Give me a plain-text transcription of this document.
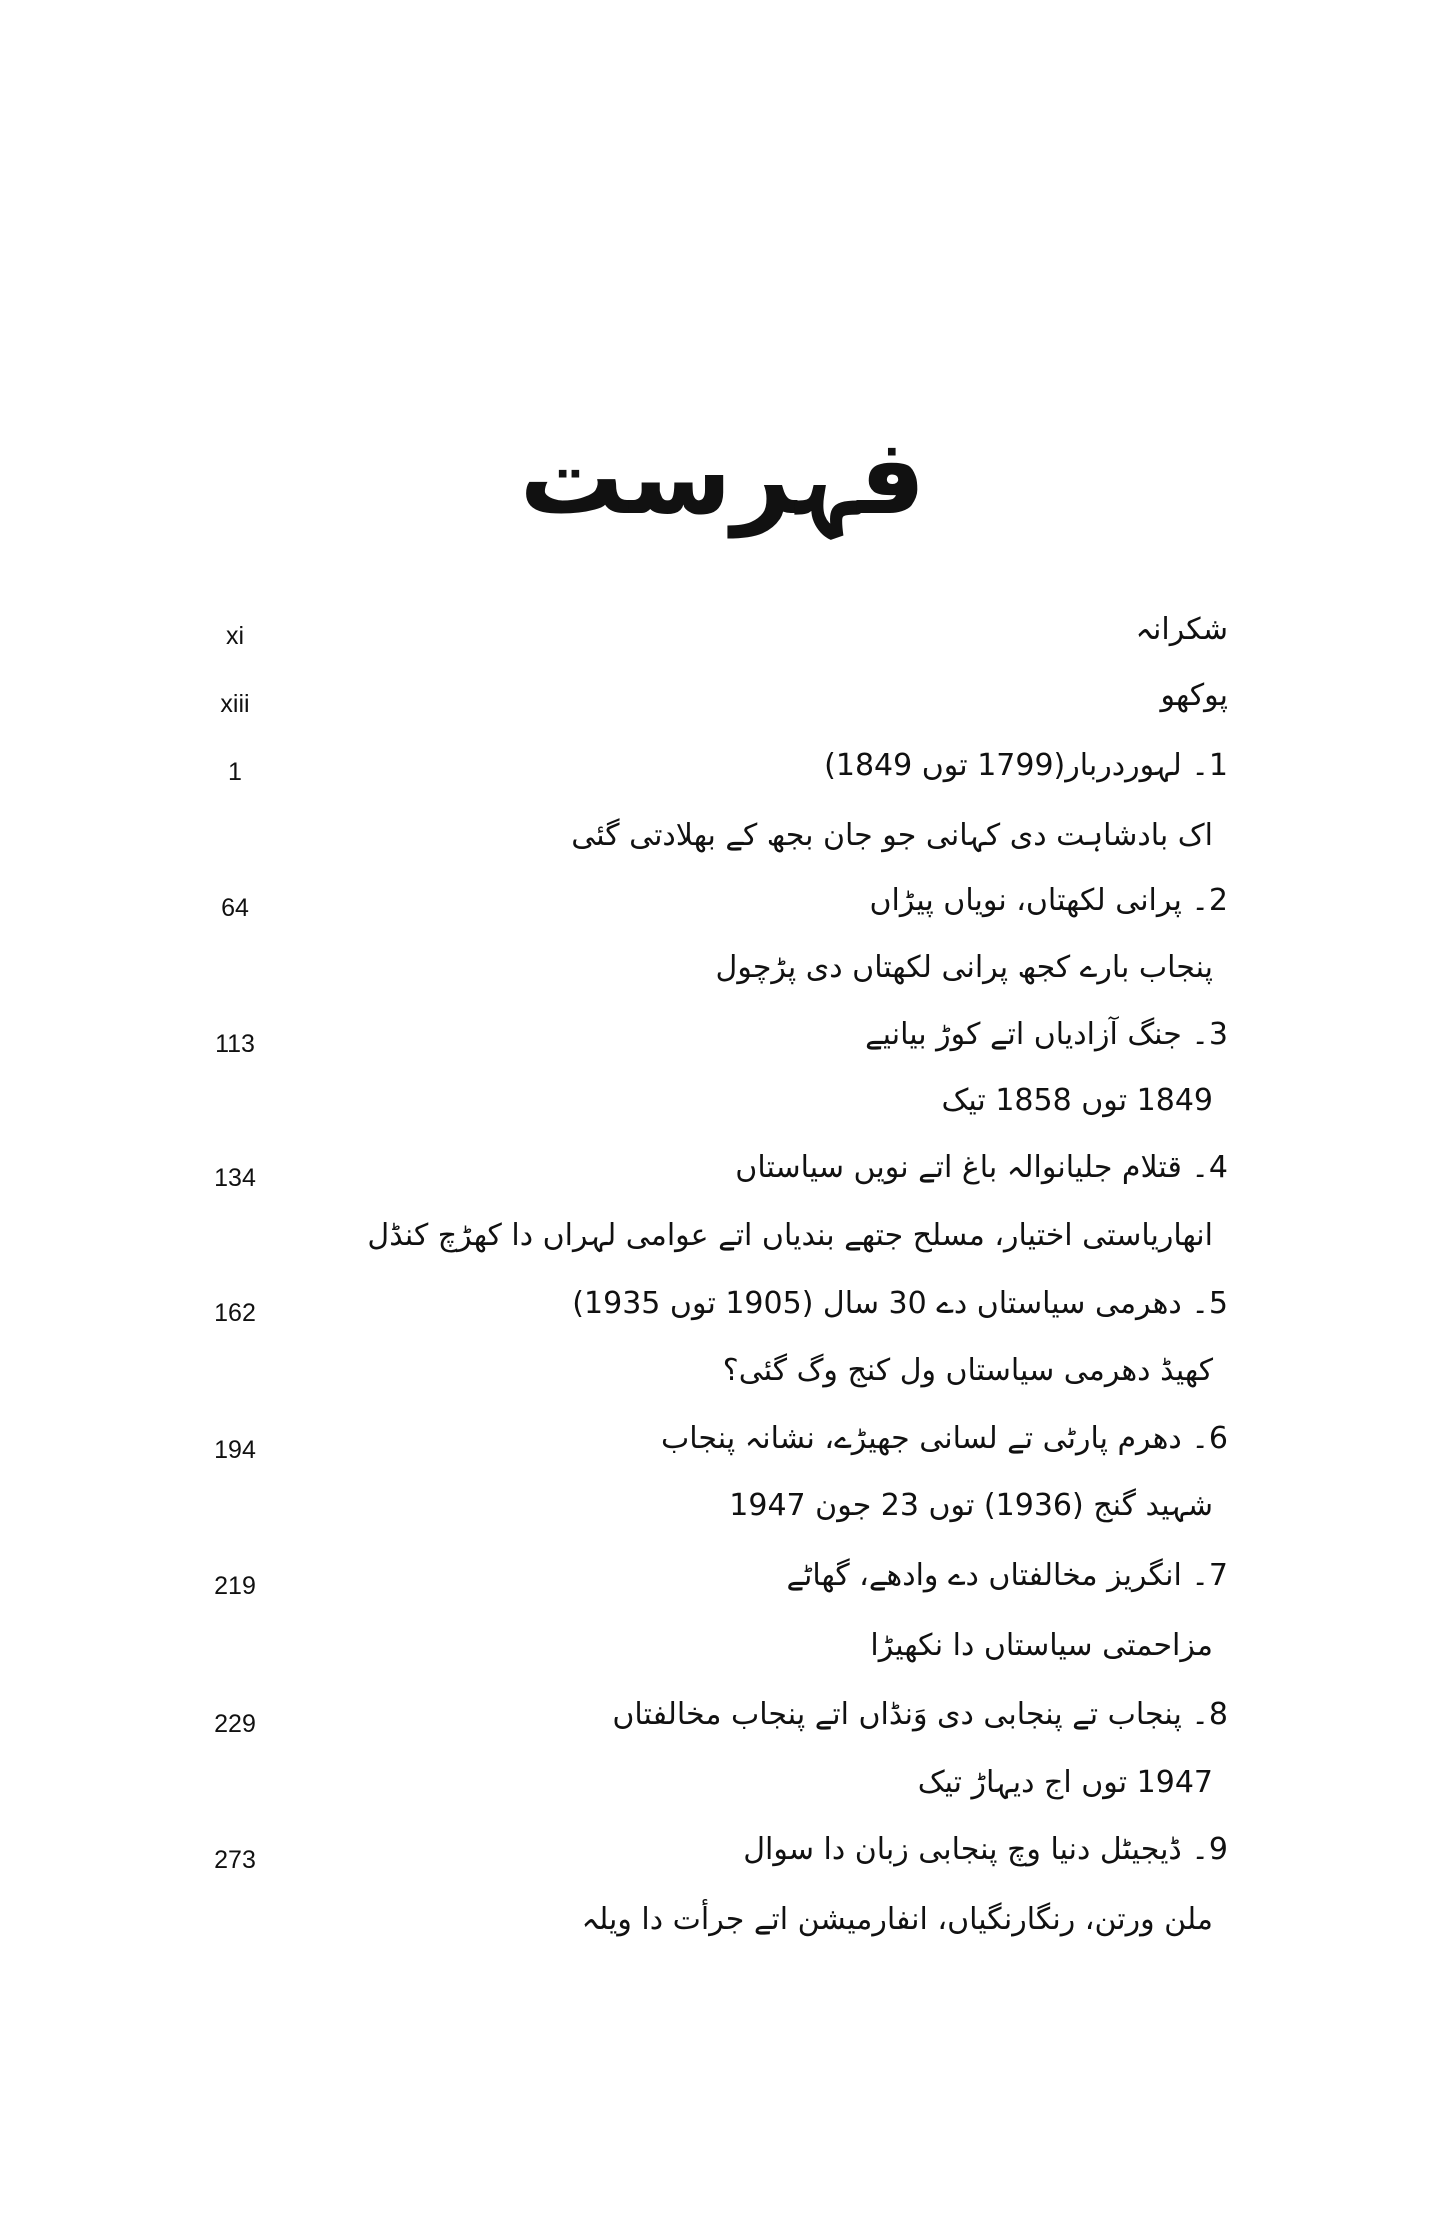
فہرست
شکرانہ
پوکھو
1۔ لہوردربار(1799 توں 1849)
اک بادشاہت دی کہانی جو جان بجھ کے بھلادتی گئی
2۔ پرانی لکھتاں، نویاں پیڑاں
پنجاب بارے کجھ پرانی لکھتاں دی پڑچول
3۔ جنگ آزادیاں اتے کوڑ بیانیے
1849 توں 1858 تیک
4۔ قتلام جلیانوالہ باغ اتے نویں سیاستاں
انھاریاستی اختیار، مسلح جتھے بندیاں اتے عوامی لہراں دا کھڑچ کنڈل
5۔ دھرمی سیاستاں دے 30 سال (1905 توں 1935)
کھیڈ دھرمی سیاستاں ول کنج وگ گئی؟
6۔ دھرم پارٹی تے لسانی جھیڑے، نشانہ پنجاب
شہید گنج (1936) توں 23 جون 1947
7۔ انگریز مخالفتاں دے وادھے، گھاٹے
مزاحمتی سیاستاں دا نکھیڑا
8۔ پنجاب تے پنجابی دی وَنڈاں اتے پنجاب مخالفتاں
1947 توں اج دیہاڑ تیک
9۔ ڈیجیٹل دنیا وچ پنجابی زبان دا سوال
ملن ورتن، رنگارنگیاں، انفارمیشن اتے جرأت دا ویلہ
xi
xiii
1
64
113
134
162
194
219
229
273
